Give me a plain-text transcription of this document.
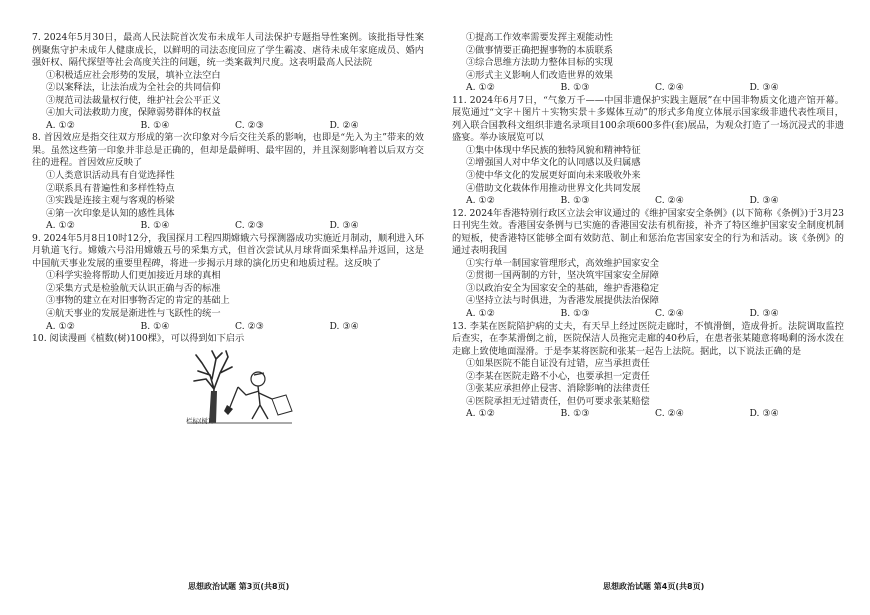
7. 2024年5月30日，最高人民法院首次发布未成年人司法保护专题指导性案例。该批指导性案例聚焦守护未成年人健康成长，以鲜明的司法态度回应了学生霸凌、虐待未成年家庭成员、婚内强奸权、隔代探望等社会高度关注的问题，统一类案裁判尺度。这表明最高人民法院

①积极适应社会形势的发展，填补立法空白

②以案释法，让法治成为全社会的共同信仰

③规范司法裁量权行使，维护社会公平正义

④加大司法救助力度，保障弱势群体的权益

A. ①②	B. ①④	C. ②③	D. ②④

8. 首因效应是指交往双方形成的第一次印象对今后交往关系的影响，也即是“先入为主”带来的效果。虽然这些第一印象并非总是正确的，但却是最鲜明、最牢固的，并且深刻影响着以后双方交往的进程。首因效应反映了

①人类意识活动具有自觉选择性

②联系具有普遍性和多样性特点

③实践是连接主观与客观的桥梁

④第一次印象是认知的感性具体

A. ①②	B. ①④	C. ②③	D. ③④

9. 2024年5月8日10时12分，我国探月工程四期嫦娥六号探测器成功实施近月制动，顺利进入环月轨道飞行。嫦娥六号沿用嫦娥五号的采集方式，但首次尝试从月球背面采集样品并返回，这是中国航天事业发展的重要里程碑，将进一步揭示月球的演化历史和地质过程。这反映了

①科学实验将帮助人们更加接近月球的真相

②采集方式是检验航天认识正确与否的标准

③事物的建立在对旧事物否定的肯定的基础上

④航天事业的发展是渐进性与飞跃性的统一

A. ①②	B. ①④	C. ②③	D. ③④

10. 阅读漫画《植数(树)100棵》，可以得到如下启示

栏标(树)

①提高工作效率需要发挥主观能动性

②做事情要正确把握事物的本质联系

③综合思维方法助力整体目标的实现

④形式主义影响人们改造世界的效果

A. ①②	B. ①③	C. ②④	D. ③④

11. 2024年6月7日，“气象万千——中国非遗保护实践主题展”在中国非物质文化遗产馆开幕。展览通过“文字＋图片＋实物实景＋多媒体互动”的形式多角度立体展示国家级非遗代表性项目，列入联合国教科文组织非遗名录项目100余项600多件(套)展品，为观众打造了一场沉浸式的非遗盛宴。举办该展览可以

①集中体现中华民族的独特风貌和精神特征

②增强国人对中华文化的认同感以及归属感

③使中华文化的发展更好面向未来吸收外来

④借助文化载体作用推动世界文化共同发展

A. ①②	B. ①③	C. ②④	D. ③④

12. 2024年香港特别行政区立法会审议通过的《维护国家安全条例》(以下简称《条例》)于3月23日刊宪生效。香港国安条例与已实施的香港国安法有机衔接，补齐了特区维护国家安全制度机制的短板，使香港特区能够全面有效防范、制止和惩治危害国家安全的行为和活动。该《条例》的通过表明我国

①实行单一制国家管理形式，高效维护国家安全

②贯彻一国两制的方针，坚决筑牢国家安全屏障

③以政治安全为国家安全的基础，维护香港稳定

④坚持立法与时俱进，为香港发展提供法治保障

A. ①②	B. ①③	C. ②④	D. ③④

13. 李某在医院陪护病的丈夫，有天早上经过医院走廊时，不慎滑倒，造成骨折。法院调取监控后查实，在李某滑倒之前，医院保洁人员拖完走廊的40秒后，在患者张某随意将喝剩的汤水泼在走廊上致使地面湿滑。于是李某将医院和张某一起告上法院。据此，以下说法正确的是

①如果医院不能自证没有过错，应当承担责任

②李某在医院走路不小心，也要承担一定责任

③张某应承担停止侵害、消除影响的法律责任

④医院承担无过错责任，但仍可要求张某赔偿

A. ①②	B. ①③	C. ②④	D. ③④
思想政治试题 第3页(共8页)	思想政治试题 第4页(共8页)
